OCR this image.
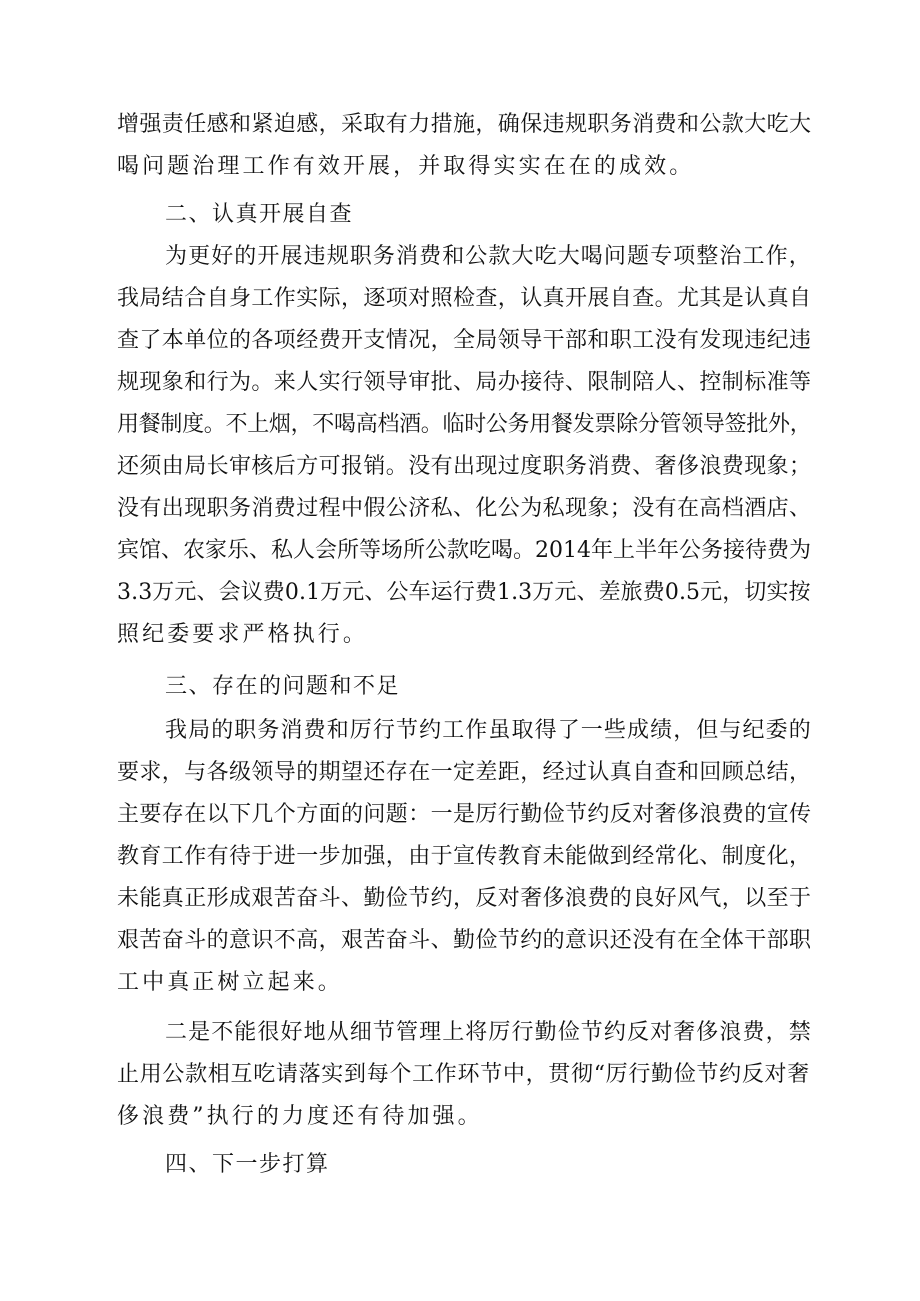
增强责任感和紧迫感，采取有力措施，确保违规职务消费和公款大吃大
喝问题治理工作有效开展，并取得实实在在的成效。
二、认真开展自查
为更好的开展违规职务消费和公款大吃大喝问题专项整治工作，
我局结合自身工作实际，逐项对照检查，认真开展自查。尤其是认真自
查了本单位的各项经费开支情况，全局领导干部和职工没有发现违纪违
规现象和行为。来人实行领导审批、局办接待、限制陪人、控制标准等
用餐制度。不上烟，不喝高档酒。临时公务用餐发票除分管领导签批外，
还须由局长审核后方可报销。没有出现过度职务消费、奢侈浪费现象；
没有出现职务消费过程中假公济私、化公为私现象；没有在高档酒店、
宾馆、农家乐、私人会所等场所公款吃喝。2014年上半年公务接待费为
3.3万元、会议费0.1万元、公车运行费1.3万元、差旅费0.5元，切实按
照纪委要求严格执行。
三、存在的问题和不足
我局的职务消费和厉行节约工作虽取得了一些成绩，但与纪委的
要求，与各级领导的期望还存在一定差距，经过认真自查和回顾总结，
主要存在以下几个方面的问题：一是厉行勤俭节约反对奢侈浪费的宣传
教育工作有待于进一步加强，由于宣传教育未能做到经常化、制度化，
未能真正形成艰苦奋斗、勤俭节约，反对奢侈浪费的良好风气，以至于
艰苦奋斗的意识不高，艰苦奋斗、勤俭节约的意识还没有在全体干部职
工中真正树立起来。
二是不能很好地从细节管理上将厉行勤俭节约反对奢侈浪费，禁
止用公款相互吃请落实到每个工作环节中，贯彻“厉行勤俭节约反对奢
侈浪费”执行的力度还有待加强。
四、下一步打算
